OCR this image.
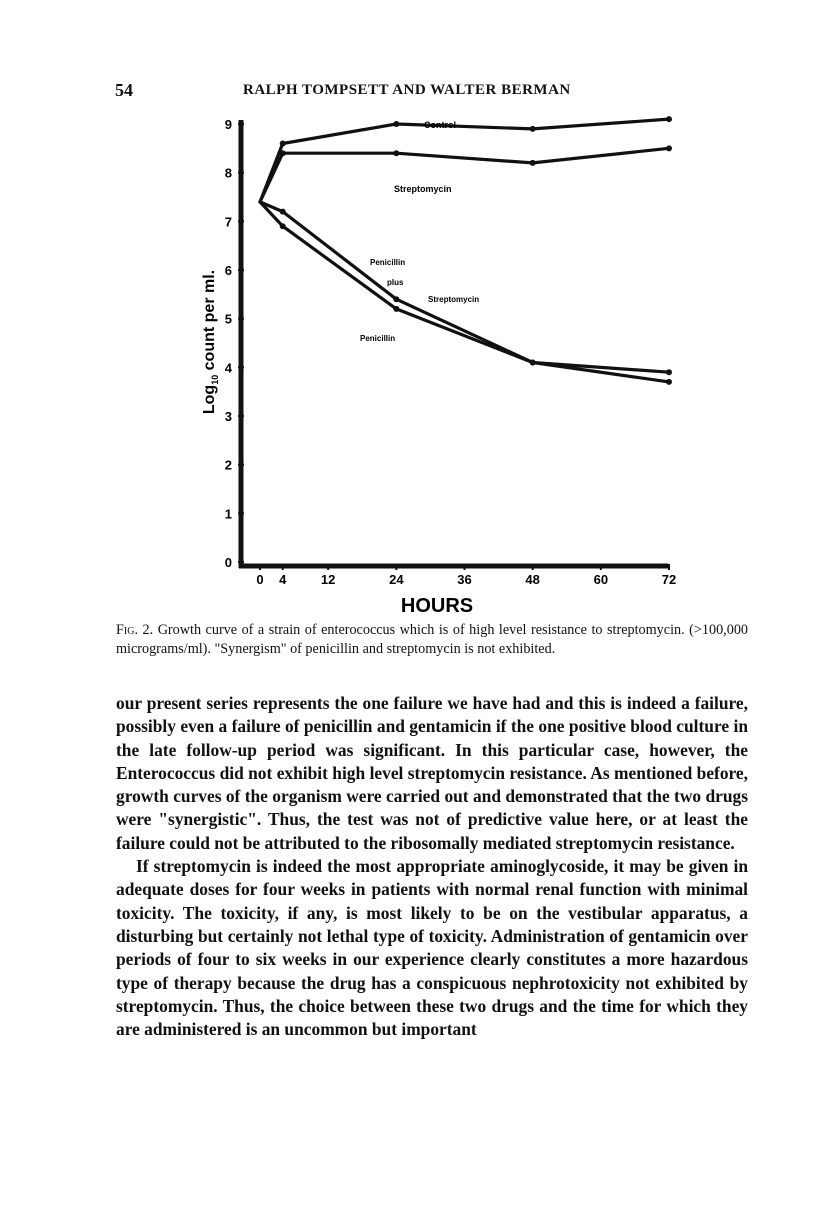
54	RALPH TOMPSETT AND WALTER BERMAN
0
1
2
3
4
5
6
7
8
9
0 4	12	24	36	48	60	72
Control
Streptomycin
Penicillin
plus
Streptomycin
Penicillin
HOURS
Log$_{10}$ count per ml.
Fig. 2. Growth curve of a strain of enterococcus which is of high level resistance to streptomycin. (>100,000 micrograms/ml). "Synergism" of penicillin and streptomycin is not exhibited.

our present series represents the one failure we have had and this is indeed a failure, possibly even a failure of penicillin and gentamicin if the one positive blood culture in the late follow-up period was significant. In this particular case, however, the Enterococcus did not exhibit high level streptomycin resistance. As mentioned before, growth curves of the organism were carried out and demonstrated that the two drugs were "synergistic". Thus, the test was not of predictive value here, or at least the failure could not be attributed to the ribosomally mediated streptomycin resistance.

If streptomycin is indeed the most appropriate aminoglycoside, it may be given in adequate doses for four weeks in patients with normal renal function with minimal toxicity. The toxicity, if any, is most likely to be on the vestibular apparatus, a disturbing but certainly not lethal type of toxicity. Administration of gentamicin over periods of four to six weeks in our experience clearly constitutes a more hazardous type of therapy because the drug has a conspicuous nephrotoxicity not exhibited by streptomycin. Thus, the choice between these two drugs and the time for which they are administered is an uncommon but important
